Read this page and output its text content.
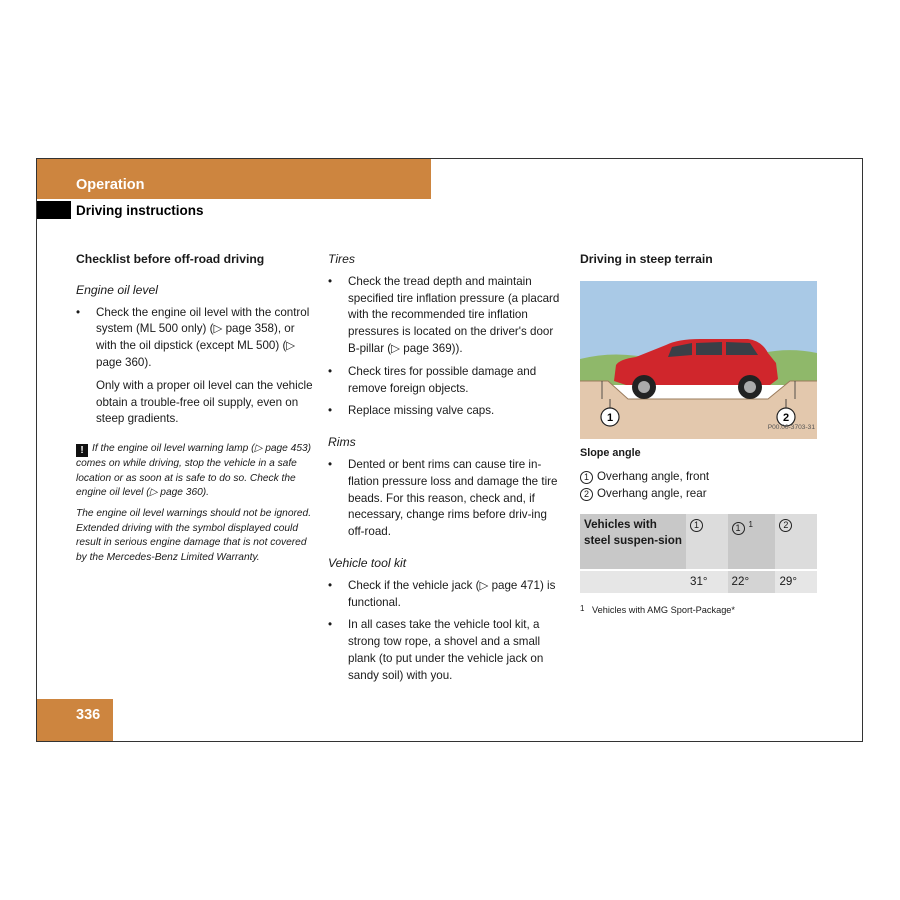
Operation
Driving instructions
Checklist before off-road driving
Engine oil level
• Check the engine oil level with the control system (ML 500 only) (▷ page 358), or with the oil dipstick (except ML 500) (▷ page 360).
Only with a proper oil level can the vehicle obtain a trouble-free oil supply, even on steep gradients.

! If the engine oil level warning lamp (▷ page 453) comes on while driving, stop the vehicle in a safe location or as soon at is safe to do so. Check the engine oil level (▷ page 360).

The engine oil level warnings should not be ignored. Extended driving with the symbol displayed could result in serious engine damage that is not covered by the Mercedes-Benz Limited Warranty.

Tires
• Check the tread depth and maintain specified tire inflation pressure (a placard with the recommended tire inflation pressures is located on the driver's door B-pillar (▷ page 369)).
• Check tires for possible damage and remove foreign objects.
• Replace missing valve caps.
Rims
• Dented or bent rims can cause tire in-flation pressure loss and damage the tire beads. For this reason, check and, if necessary, change rims before driv-ing off-road.
Vehicle tool kit
• Check if the vehicle jack (▷ page 471) is functional.
• In all cases take the vehicle tool kit, a strong tow rope, a shovel and a small plank (to put under the vehicle jack on sandy soil) with you.
Driving in steep terrain
1	2
P00.00-3703-31
Slope angle
1 Overhang angle, front
2 Overhang angle, rear
Vehicles with steel suspen-sion	1	1 $^1$	2
	31°	22°	29°
1 Vehicles with AMG Sport-Package*
336
